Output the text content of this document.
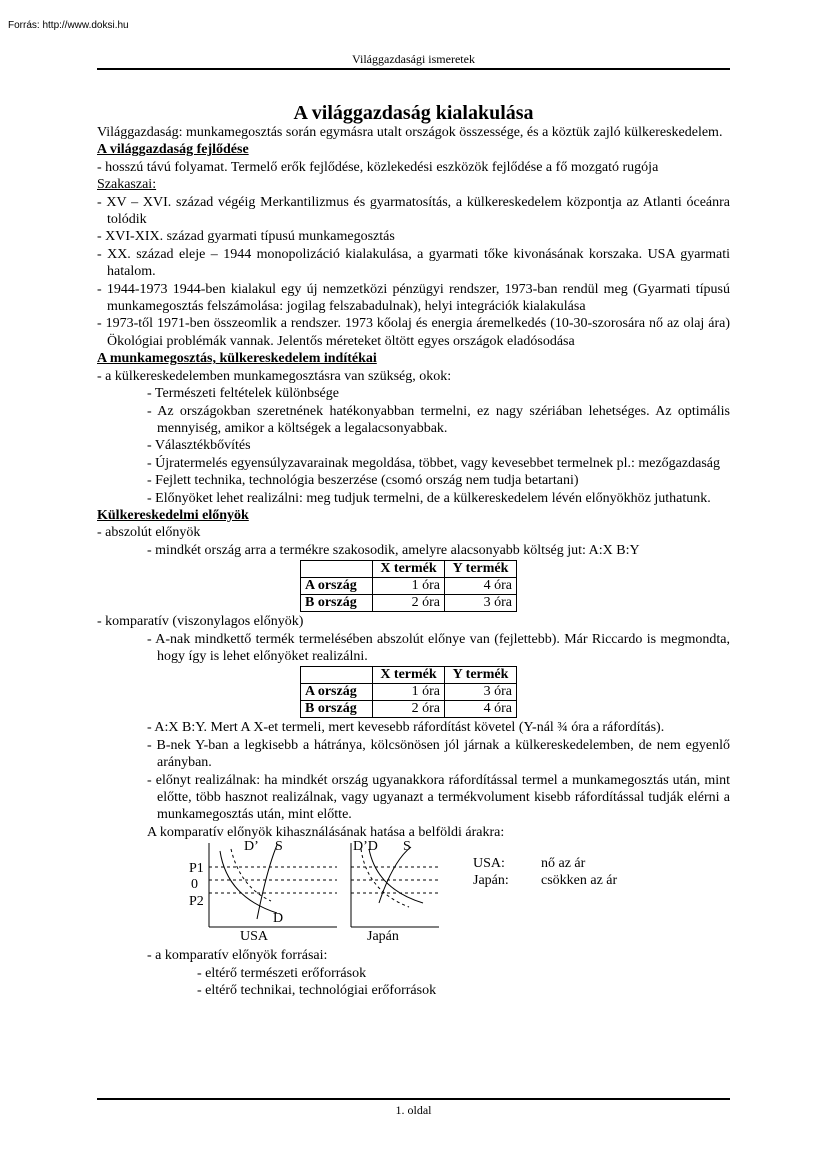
Forrás: http://www.doksi.hu
Világgazdasági ismeretek
A világgazdaság kialakulása

Világgazdaság: munkamegosztás során egymásra utalt országok összessége, és a köztük zajló külkereskedelem.

A világgazdaság fejlődése

- hosszú távú folyamat. Termelő erők fejlődése, közlekedési eszközök fejlődése a fő mozgató rugója

Szakaszai:

- XV – XVI. század végéig Merkantilizmus és gyarmatosítás, a külkereskedelem központja az Atlanti óceánra tolódik

- XVI-XIX. század gyarmati típusú munkamegosztás

- XX. század eleje – 1944 monopolizáció kialakulása, a gyarmati tőke kivonásának korszaka. USA gyarmati hatalom.

- 1944-1973 1944-ben kialakul egy új nemzetközi pénzügyi rendszer, 1973-ban rendül meg (Gyarmati típusú munkamegosztás felszámolása: jogilag felszabadulnak), helyi integrációk kialakulása

- 1973-től 1971-ben összeomlik a rendszer. 1973 kőolaj és energia áremelkedés (10-30-szorosára nő az olaj ára) Ökológiai problémák vannak. Jelentős méreteket öltött egyes országok eladósodása

A munkamegosztás, külkereskedelem indítékai

- a külkereskedelemben munkamegosztásra van szükség, okok:

- Természeti feltételek különbsége

- Az országokban szeretnének hatékonyabban termelni, ez nagy szériában lehetséges. Az optimális mennyiség, amikor a költségek a legalacsonyabbak.

- Választékbővítés

- Újratermelés egyensúlyzavarainak megoldása, többet, vagy kevesebbet termelnek pl.: mezőgazdaság

- Fejlett technika, technológia beszerzése (csomó ország nem tudja betartani)

- Előnyöket lehet realizálni: meg tudjuk termelni, de a külkereskedelem lévén előnyökhöz juthatunk.

Külkereskedelmi előnyök

- abszolút előnyök

- mindkét ország arra a termékre szakosodik, amelyre alacsonyabb költség jut: A:X B:Y

	X termék	Y termék
A ország	1 óra	4 óra
B ország	2 óra	3 óra

- komparatív (viszonylagos előnyök)

- A-nak mindkettő termék termelésében abszolút előnye van (fejlettebb). Már Riccardo is megmondta, hogy így is lehet előnyöket realizálni.

	X termék	Y termék
A ország	1 óra	3 óra
B ország	2 óra	4 óra

- A:X B:Y. Mert A X-et termeli, mert kevesebb ráfordítást követel (Y-nál ¾ óra a ráfordítás).

- B-nek Y-ban a legkisebb a hátránya, kölcsönösen jól járnak a külkereskedelemben, de nem egyenlő arányban.

- előnyt realizálnak: ha mindkét ország ugyanakkora ráfordítással termel a munkamegosztás után, mint előtte, több hasznot realizálnak, vagy ugyanazt a termékvolument kisebb ráfordítással tudják elérni a munkamegosztás után, mint előtte.

A komparatív előnyök kihasználásának hatása a belföldi árakra:

D’ S
D
P1
0
P2
D’D S
USA	Japán
USA:	nő az ár
Japán: csökken az ár

- a komparatív előnyök forrásai:

- eltérő természeti erőforrások

- eltérő technikai, technológiai erőforrások

1. oldal
